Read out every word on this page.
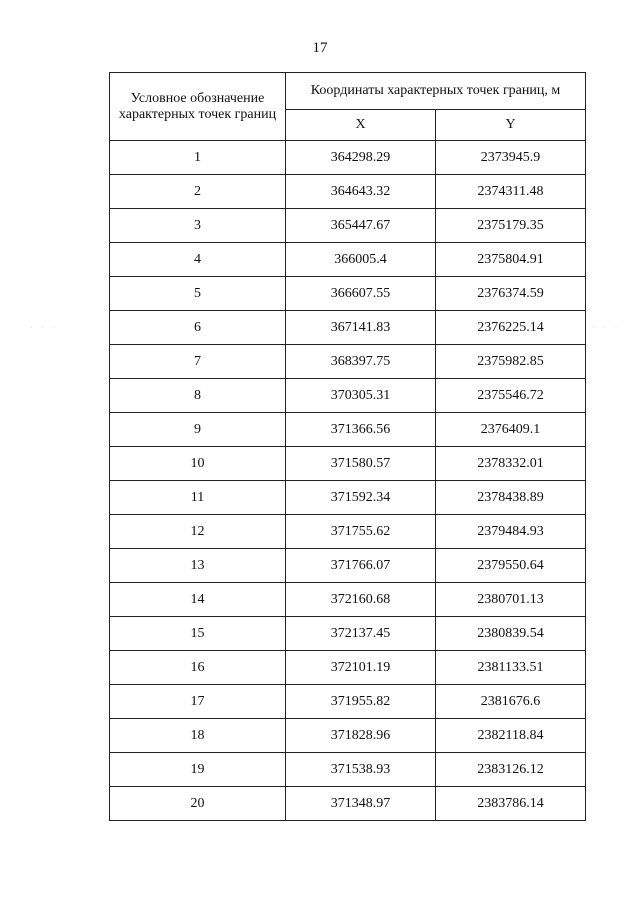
17
· · ·	· · ·
Условное обозначение характерных точек границ	Координаты характерных точек границ, м	
	X	Y
1	364298.29	2373945.9
2	364643.32	2374311.48
3	365447.67	2375179.35
4	366005.4	2375804.91
5	366607.55	2376374.59
6	367141.83	2376225.14
7	368397.75	2375982.85
8	370305.31	2375546.72
9	371366.56	2376409.1
10	371580.57	2378332.01
11	371592.34	2378438.89
12	371755.62	2379484.93
13	371766.07	2379550.64
14	372160.68	2380701.13
15	372137.45	2380839.54
16	372101.19	2381133.51
17	371955.82	2381676.6
18	371828.96	2382118.84
19	371538.93	2383126.12
20	371348.97	2383786.14
